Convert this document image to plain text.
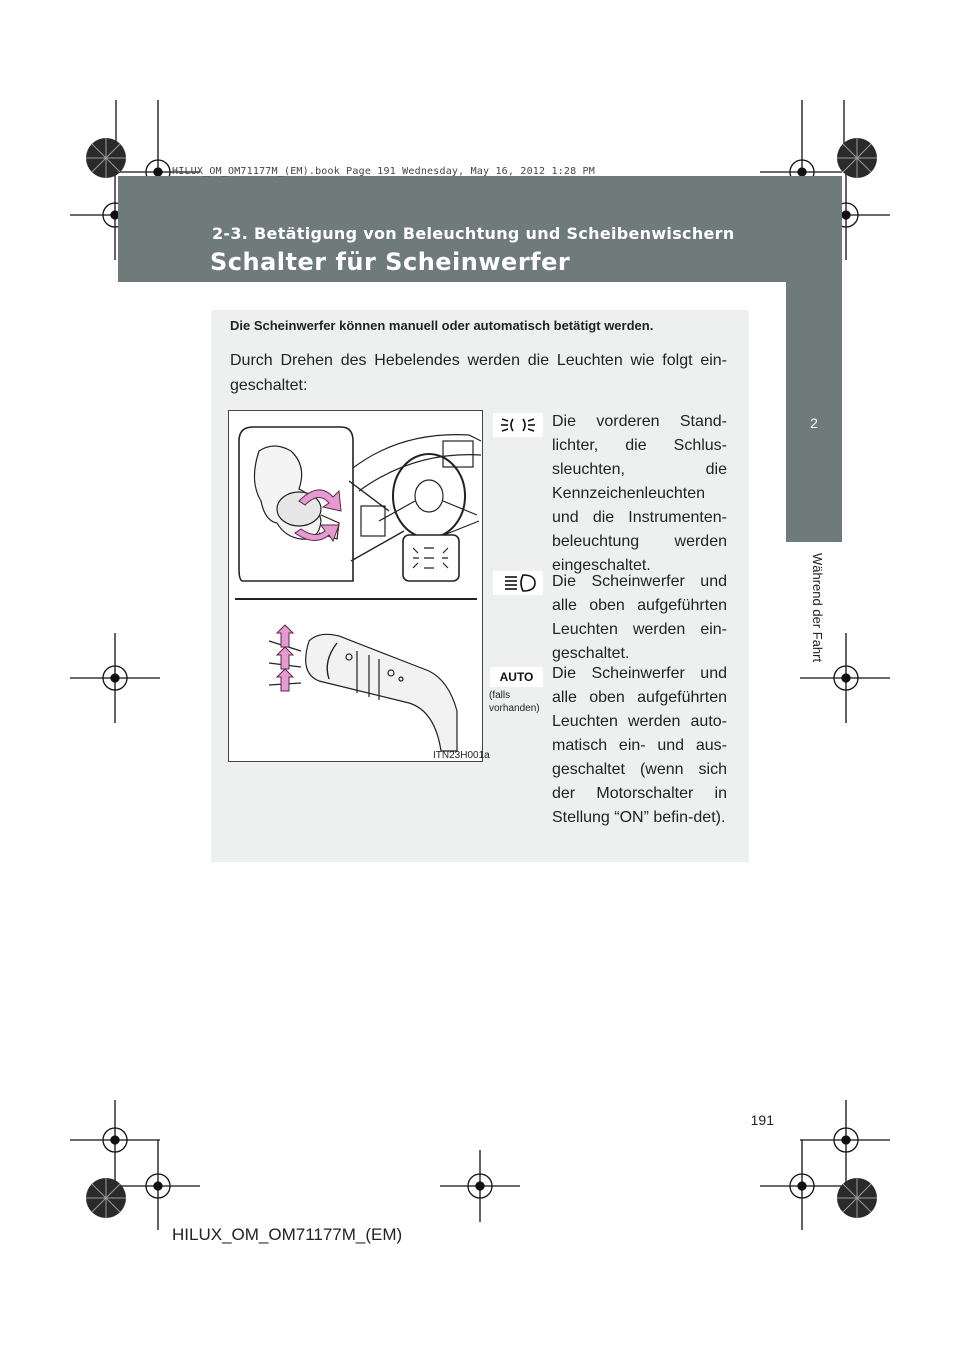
HILUX_OM_OM71177M_(EM).book Page 191 Wednesday, May 16, 2012 1:28 PM
2-3. Betätigung von Beleuchtung und Scheibenwischern
Schalter für Scheinwerfer
2
Während der Fahrt
Die Scheinwerfer können manuell oder automatisch betätigt werden.
Durch Drehen des Hebelendes werden die Leuchten wie folgt ein-geschaltet:
ITN23H001a
Die vorderen Stand-lichter, die Schlus-sleuchten, die Kennzeichenleuchten und die Instrumenten-beleuchtung werden eingeschaltet.
Die Scheinwerfer und alle oben aufgeführten Leuchten werden ein-geschaltet.
AUTO
(falls vorhanden)
Die Scheinwerfer und alle oben aufgeführten Leuchten werden auto-matisch ein- und aus-geschaltet (wenn sich der Motorschalter in Stellung “ON” befin-det).
191
HILUX_OM_OM71177M_(EM)
